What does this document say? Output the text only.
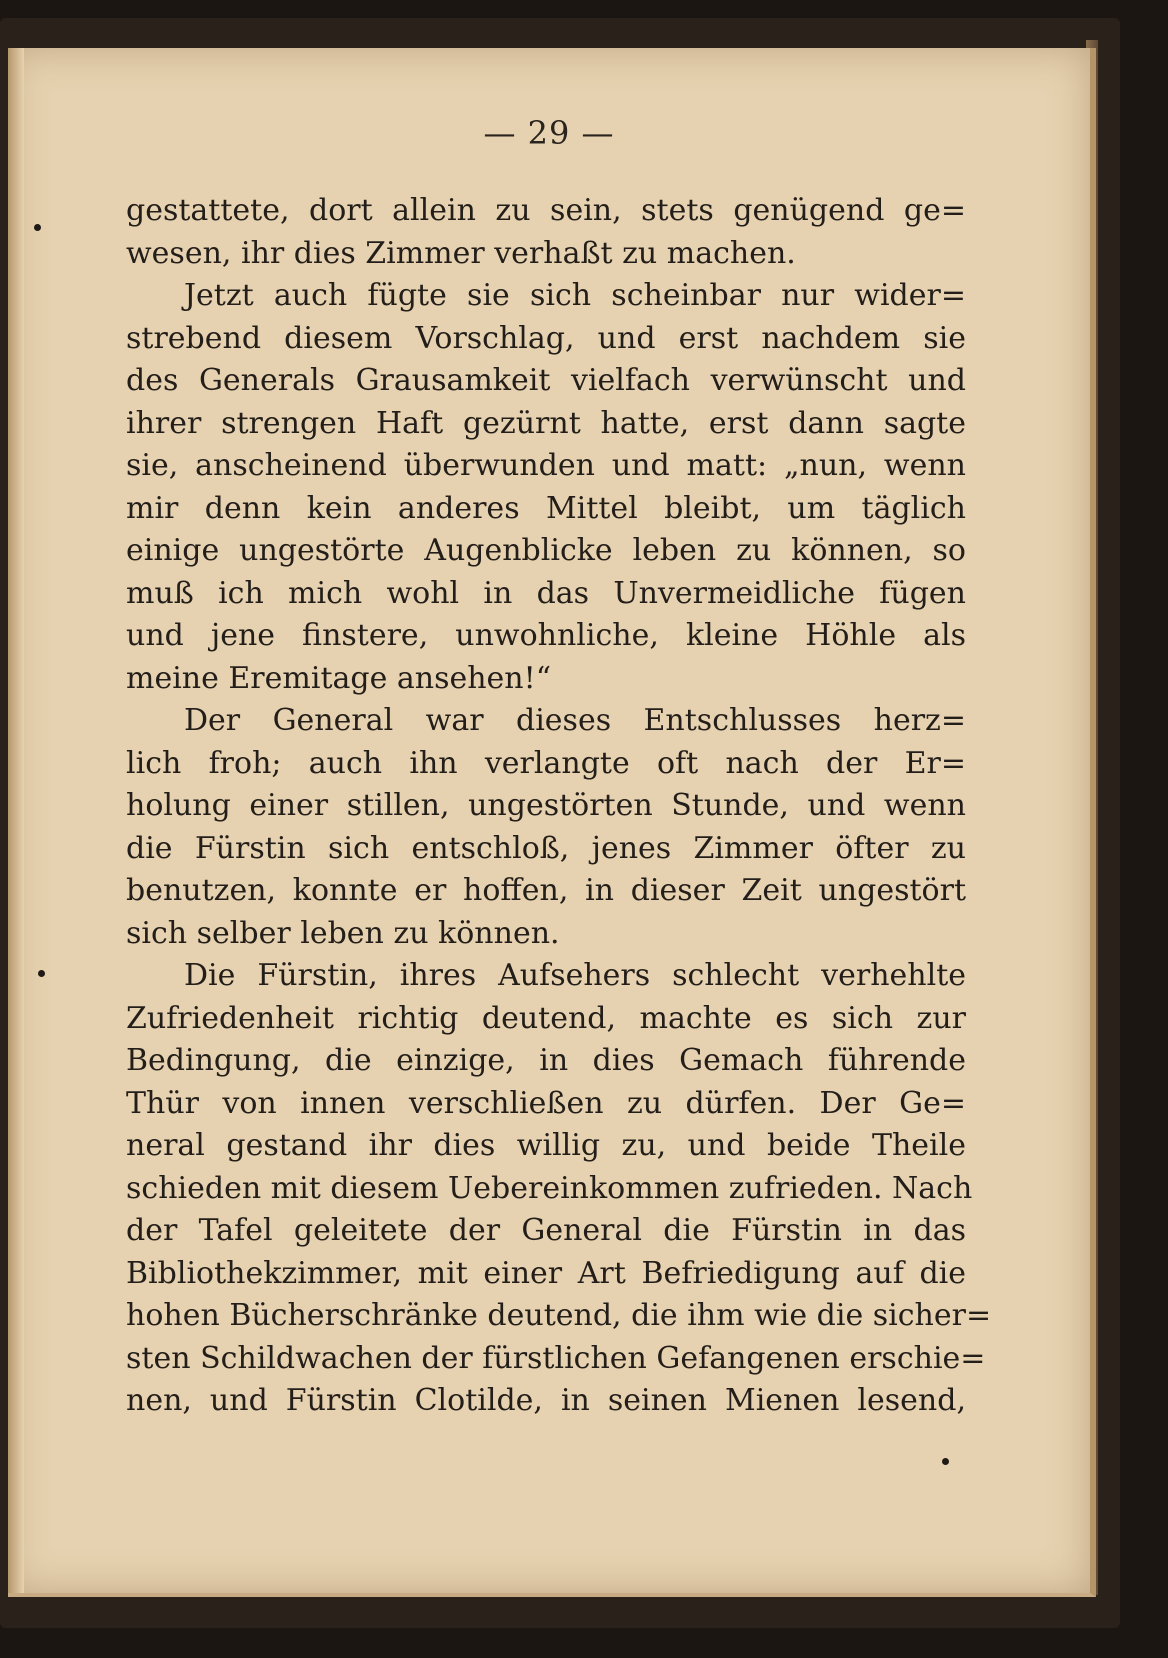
— 29 —
gestattete, dort allein zu sein, stets genügend ge=
wesen, ihr dies Zimmer verhaßt zu machen.
Jetzt auch fügte sie sich scheinbar nur wider=
strebend diesem Vorschlag, und erst nachdem sie
des Generals Grausamkeit vielfach verwünscht und
ihrer strengen Haft gezürnt hatte, erst dann sagte
sie, anscheinend überwunden und matt: „nun, wenn
mir denn kein anderes Mittel bleibt, um täglich
einige ungestörte Augenblicke leben zu können, so
muß ich mich wohl in das Unvermeidliche fügen
und jene finstere, unwohnliche, kleine Höhle als
meine Eremitage ansehen!“
Der General war dieses Entschlusses herz=
lich froh; auch ihn verlangte oft nach der Er=
holung einer stillen, ungestörten Stunde, und wenn
die Fürstin sich entschloß, jenes Zimmer öfter zu
benutzen, konnte er hoffen, in dieser Zeit ungestört
sich selber leben zu können.
Die Fürstin, ihres Aufsehers schlecht verhehlte
Zufriedenheit richtig deutend, machte es sich zur
Bedingung, die einzige, in dies Gemach führende
Thür von innen verschließen zu dürfen. Der Ge=
neral gestand ihr dies willig zu, und beide Theile
schieden mit diesem Uebereinkommen zufrieden. Nach
der Tafel geleitete der General die Fürstin in das
Bibliothekzimmer, mit einer Art Befriedigung auf die
hohen Bücherschränke deutend, die ihm wie die sicher=
sten Schildwachen der fürstlichen Gefangenen erschie=
nen, und Fürstin Clotilde, in seinen Mienen lesend,
